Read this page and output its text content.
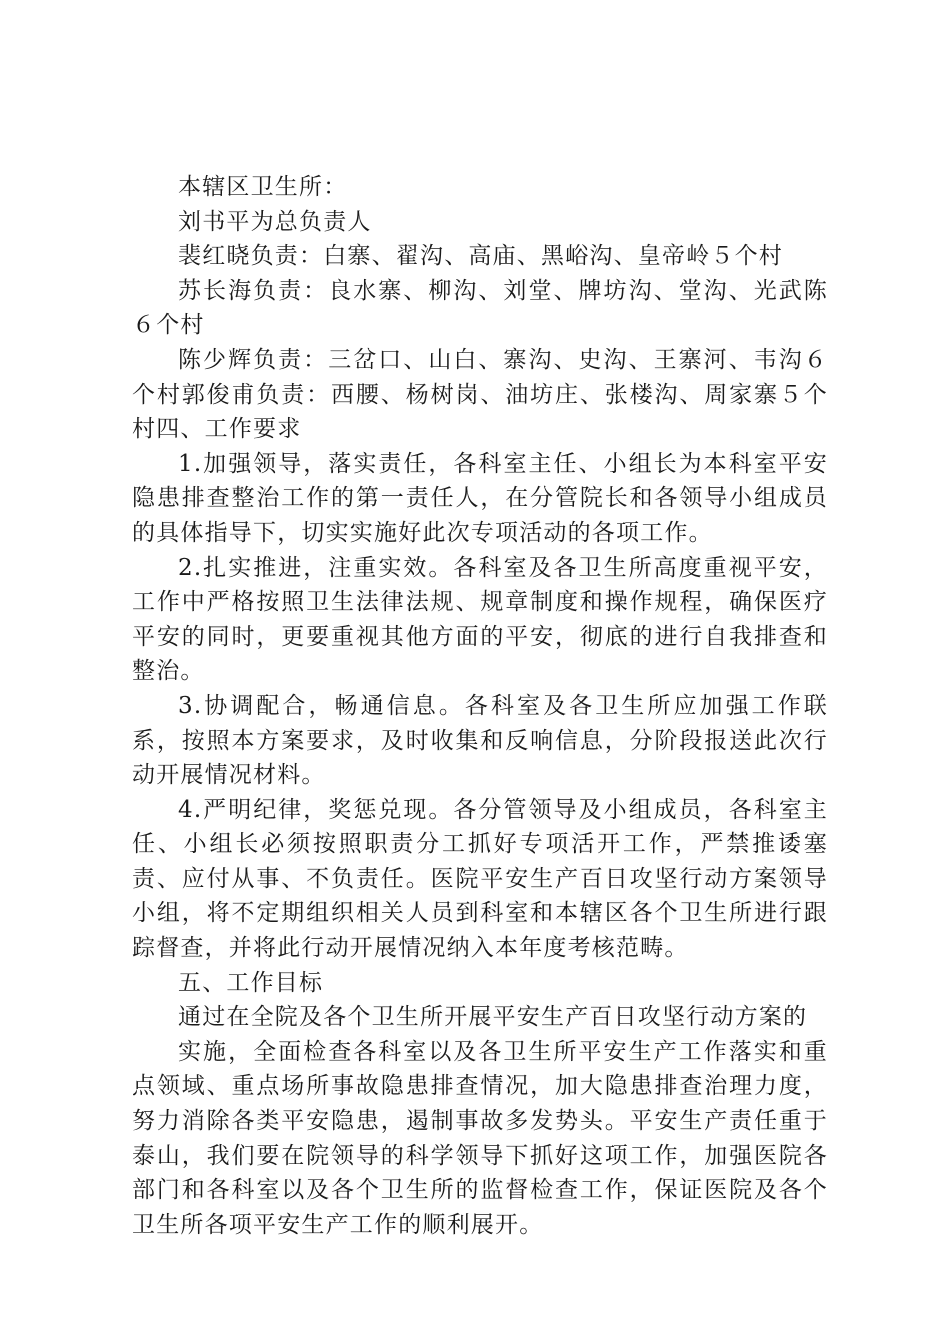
本辖区卫生所：

刘书平为总负责人

裴红晓负责：白寨、翟沟、高庙、黑峪沟、皇帝岭５个村

苏长海负责：良水寨、柳沟、刘堂、牌坊沟、堂沟、光武陈６个村

陈少辉负责：三岔口、山白、寨沟、史沟、王寨河、韦沟６个村郭俊甫负责：西腰、杨树岗、油坊庄、张楼沟、周家寨５个村四、工作要求

1.加强领导，落实责任，各科室主任、小组长为本科室平安隐患排查整治工作的第一责任人，在分管院长和各领导小组成员的具体指导下，切实实施好此次专项活动的各项工作。

2.扎实推进，注重实效。各科室及各卫生所高度重视平安，工作中严格按照卫生法律法规、规章制度和操作规程，确保医疗平安的同时，更要重视其他方面的平安，彻底的进行自我排查和整治。

3.协调配合，畅通信息。各科室及各卫生所应加强工作联系，按照本方案要求，及时收集和反响信息，分阶段报送此次行动开展情况材料。

4.严明纪律，奖惩兑现。各分管领导及小组成员，各科室主任、小组长必须按照职责分工抓好专项活开工作，严禁推诿塞责、应付从事、不负责任。医院平安生产百日攻坚行动方案领导小组，将不定期组织相关人员到科室和本辖区各个卫生所进行跟踪督查，并将此行动开展情况纳入本年度考核范畴。

五、工作目标

通过在全院及各个卫生所开展平安生产百日攻坚行动方案的

实施，全面检查各科室以及各卫生所平安生产工作落实和重点领域、重点场所事故隐患排查情况，加大隐患排查治理力度，努力消除各类平安隐患，遏制事故多发势头。平安生产责任重于泰山，我们要在院领导的科学领导下抓好这项工作，加强医院各部门和各科室以及各个卫生所的监督检查工作，保证医院及各个卫生所各项平安生产工作的顺利展开。
